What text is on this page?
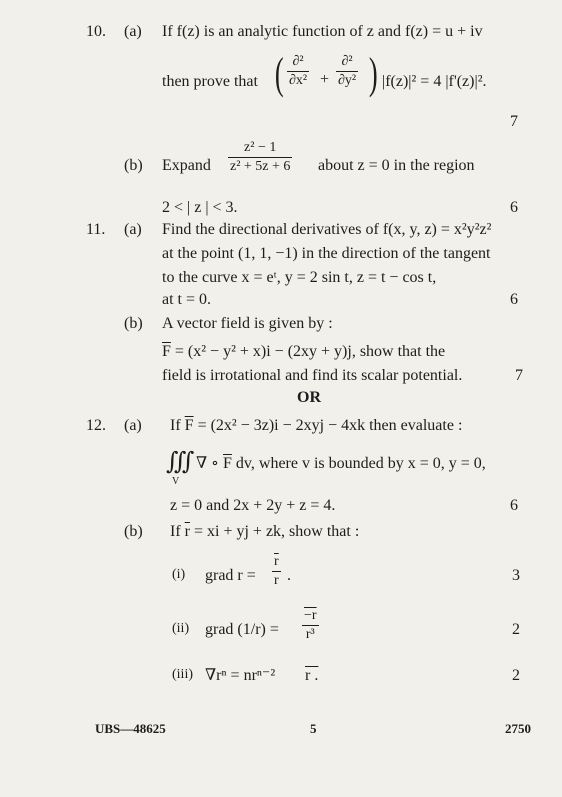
10. (a) If f(z) is an analytic function of z and f(z) = u + iv
then prove that ( ∂²
∂x² +
∂²
∂y² ) |f(z)|² = 4 |f'(z)|².
7
(b) Expand
z² − 1
z² + 5z + 6 about z = 0 in the region
2 < | z | < 3.	6
11. (a) Find the directional derivatives of f(x, y, z) = x²y²z²
at the point (1, 1, −1) in the direction of the tangent
to the curve x = eᵗ, y = 2 sin t, z = t − cos t,
at t = 0.	6
(b) A vector field is given by :
$\overline{F} = (x^2 - y^2 + x)i - (2xy + y)j$, show that the
field is irrotational and find its scalar potential.	7
OR
12. (a) If $\overline{F} = (2x^2 - 3z)i - 2xyj - 4xk$ then evaluate :
∭
V
∇ ∘ $\overline{F}$ dv, where v is bounded by x = 0, y = 0,
z = 0 and 2x + 2y + z = 4.	6
(b) If $\overline{r}$ = xi + yj + zk, show that :
(i) grad r =
$\overline{r}$
r .	3
(ii) grad (1/r) =
−r
r³	2
(iii) ∇rⁿ = nrⁿ⁻² r .	2
UBS—48625	5	2750
